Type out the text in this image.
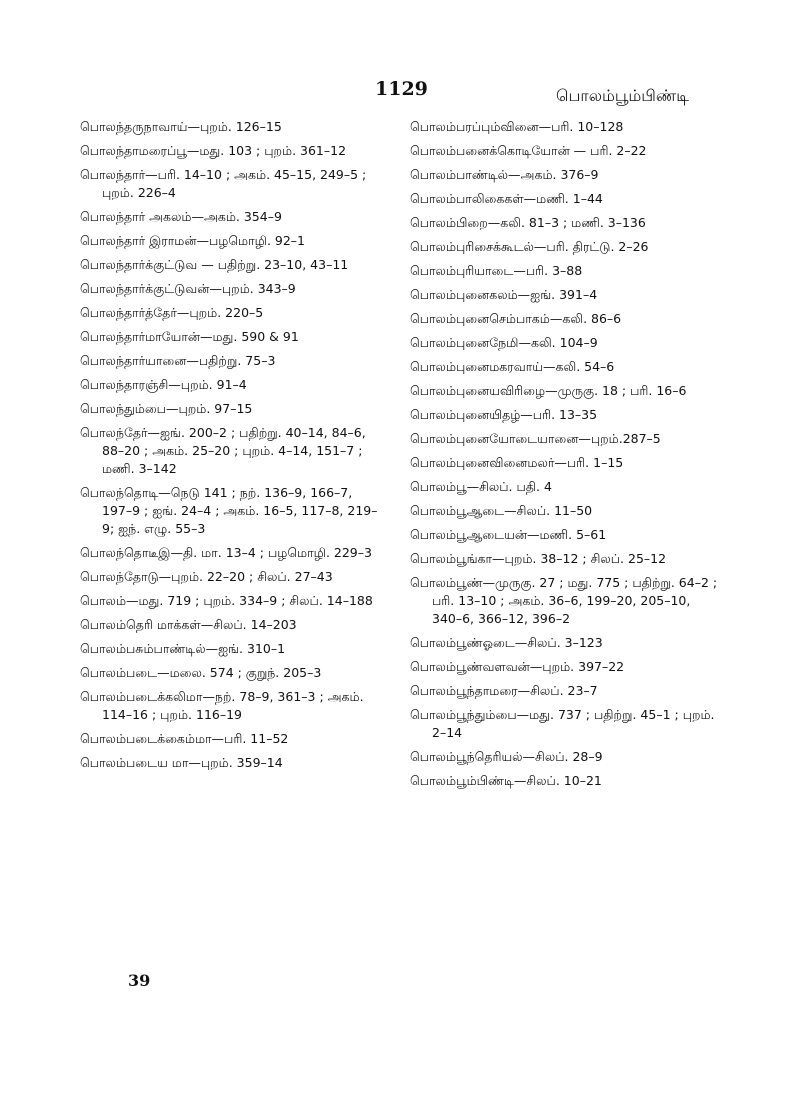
1129	பொலம்பூம்பிண்டி

பொலந்தருநாவாய்—புறம். 126–15

பொலந்தாமரைப்பூ—மது. 103 ; புறம். 361–12

பொலந்தார்—பரி. 14–10 ; அகம். 45–15, 249–5 ; புறம். 226–4

பொலந்தார் அகலம்—அகம். 354–9

பொலந்தார் இராமன்—பழமொழி. 92–1

பொலந்தார்க்குட்டுவ — பதிற்று. 23–10, 43–11

பொலந்தார்க்குட்டுவன்—புறம். 343–9

பொலந்தார்த்தேர்—புறம். 220–5

பொலந்தார்மாயோன்—மது. 590 & 91

பொலந்தார்யானை—பதிற்று. 75–3

பொலந்தாரஞ்சி—புறம். 91–4

பொலந்தும்பை—புறம். 97–15

பொலந்தேர்—ஐங். 200–2 ; பதிற்று. 40–14, 84–6, 88–20 ; அகம். 25–20 ; புறம். 4–14, 151–7 ; மணி. 3–142

பொலந்தொடி—நெடு 141 ; நற். 136–9, 166–7, 197–9 ; ஐங். 24–4 ; அகம். 16–5, 117–8, 219–9; ஐந். எழு. 55–3

பொலந்தொடீஇ—தி. மா. 13–4 ; பழமொழி. 229–3

பொலந்தோடு—புறம். 22–20 ; சிலப். 27–43

பொலம்—மது. 719 ; புறம். 334–9 ; சிலப். 14–188

பொலம்தெரி மாக்கள்—சிலப். 14–203

பொலம்பசும்பாண்டில்—ஐங். 310–1

பொலம்படை—மலை. 574 ; குறுந். 205–3

பொலம்படைக்கலிமா—நற். 78–9, 361–3 ; அகம். 114–16 ; புறம். 116–19

பொலம்படைக்கைம்மா—பரி. 11–52

பொலம்படைய மா—புறம். 359–14

பொலம்பரப்பும்வினை—பரி. 10–128

பொலம்பனைக்கொடியோன் — பரி. 2–22

பொலம்பாண்டில்—அகம். 376–9

பொலம்பாலிகைகள்—மணி. 1–44

பொலம்பிறை—கலி. 81–3 ; மணி. 3–136

பொலம்புரிசைக்கூடல்—பரி. திரட்டு. 2–26

பொலம்புரியாடை—பரி. 3–88

பொலம்புனைகலம்—ஐங். 391–4

பொலம்புனைசெம்பாகம்—கலி. 86–6

பொலம்புனைநேமி—கலி. 104–9

பொலம்புனைமகரவாய்—கலி. 54–6

பொலம்புனையவிரிழை—முருகு. 18 ; பரி. 16–6

பொலம்புனையிதழ்—பரி. 13–35

பொலம்புனையோடையானை—புறம்.287–5

பொலம்புனைவினைமலர்—பரி. 1–15

பொலம்பூ—சிலப். பதி. 4

பொலம்பூஆடை—சிலப். 11–50

பொலம்பூஆடையன்—மணி. 5–61

பொலம்பூங்கா—புறம். 38–12 ; சிலப். 25–12

பொலம்பூண்—முருகு. 27 ; மது. 775 ; பதிற்று. 64–2 ; பரி. 13–10 ; அகம். 36–6, 199–20, 205–10, 340–6, 366–12, 396–2

பொலம்பூண்ஓடை—சிலப். 3–123

பொலம்பூண்வளவன்—புறம். 397–22

பொலம்பூந்தாமரை—சிலப். 23–7

பொலம்பூந்தும்பை—மது. 737 ; பதிற்று. 45–1 ; புறம். 2–14

பொலம்பூந்தெரியல்—சிலப். 28–9

பொலம்பூம்பிண்டி—சிலப். 10–21

39
